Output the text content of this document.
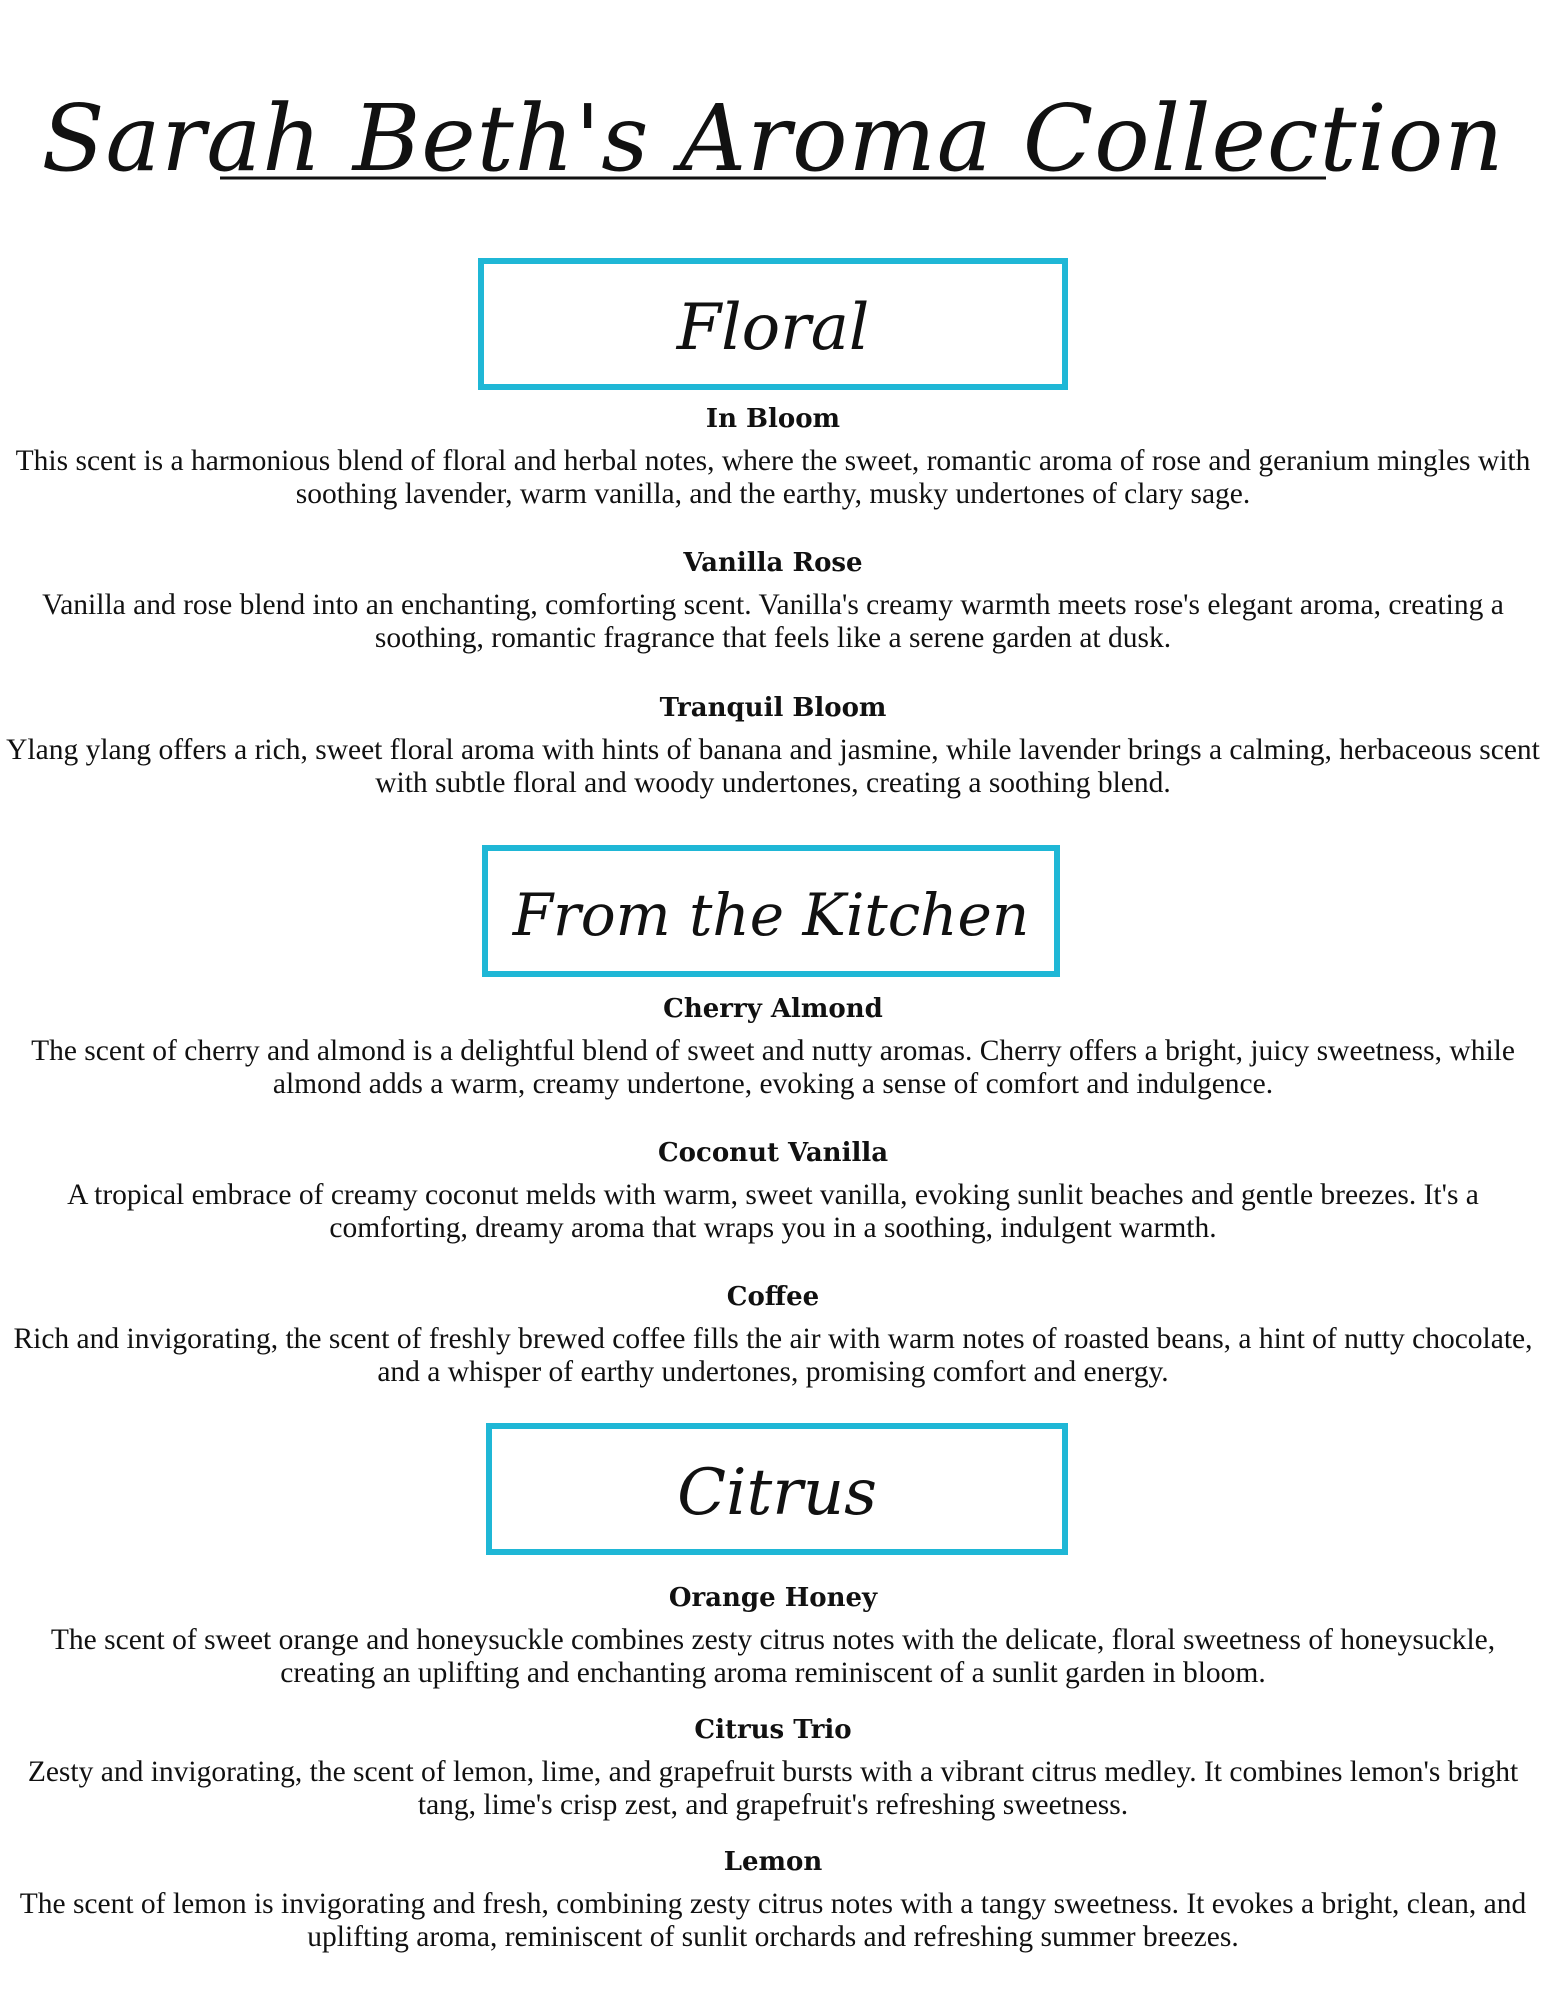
Sarah Beth's Aroma Collection
Floral

In Bloom

This scent is a harmonious blend of floral and herbal notes, where the sweet, romantic aroma of rose and geranium mingles with soothing lavender, warm vanilla, and the earthy, musky undertones of clary sage.

Vanilla Rose

Vanilla and rose blend into an enchanting, comforting scent. Vanilla's creamy warmth meets rose's elegant aroma, creating a soothing, romantic fragrance that feels like a serene garden at dusk.

Tranquil Bloom

Ylang ylang offers a rich, sweet floral aroma with hints of banana and jasmine, while lavender brings a calming, herbaceous scent with subtle floral and woody undertones, creating a soothing blend.

From the Kitchen

Cherry Almond

The scent of cherry and almond is a delightful blend of sweet and nutty aromas. Cherry offers a bright, juicy sweetness, while almond adds a warm, creamy undertone, evoking a sense of comfort and indulgence.

Coconut Vanilla

A tropical embrace of creamy coconut melds with warm, sweet vanilla, evoking sunlit beaches and gentle breezes. It's a comforting, dreamy aroma that wraps you in a soothing, indulgent warmth.

Coffee

Rich and invigorating, the scent of freshly brewed coffee fills the air with warm notes of roasted beans, a hint of nutty chocolate, and a whisper of earthy undertones, promising comfort and energy.

Citrus

Orange Honey

The scent of sweet orange and honeysuckle combines zesty citrus notes with the delicate, floral sweetness of honeysuckle, creating an uplifting and enchanting aroma reminiscent of a sunlit garden in bloom.

Citrus Trio

Zesty and invigorating, the scent of lemon, lime, and grapefruit bursts with a vibrant citrus medley. It combines lemon's bright tang, lime's crisp zest, and grapefruit's refreshing sweetness.

Lemon

The scent of lemon is invigorating and fresh, combining zesty citrus notes with a tangy sweetness. It evokes a bright, clean, and uplifting aroma, reminiscent of sunlit orchards and refreshing summer breezes.
